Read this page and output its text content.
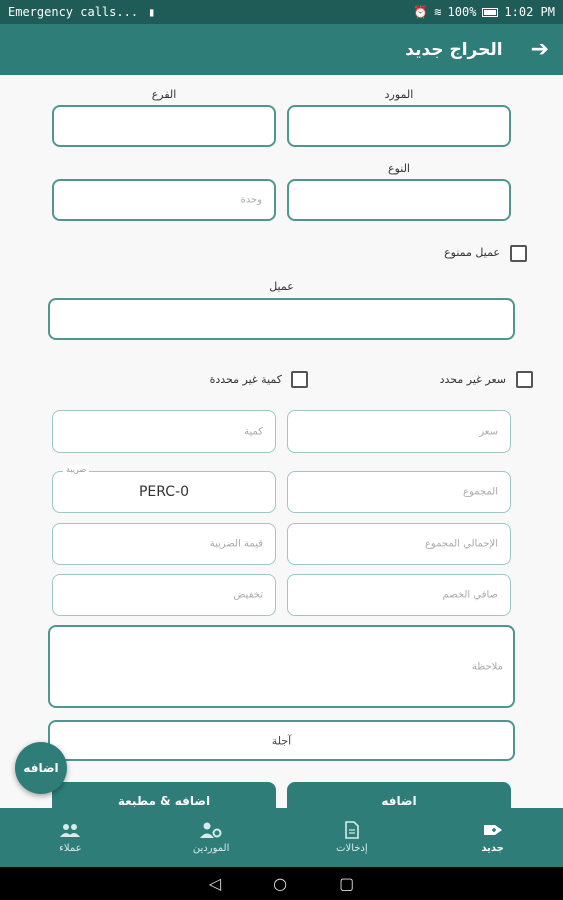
Emergency calls... ▮	⏰ ≋ 100% 1:02 PM
الحراج جديد ➔
المورد
الفرع
النوع
وحدة
عميل ممنوع
عميل
سعر غير محدد
كمية غير محددة
سعر
كمية
المجموع
ضريبة
PERC-0
الإجمالي المجموع
قيمة الضريبة
صافي الخصم
تخفيض
ملاحظة
آجلة
اضافه
اضافه & مطبعة
اضافه
عملاء	الموردين	إدخالات	جديد
◁	○	▢
